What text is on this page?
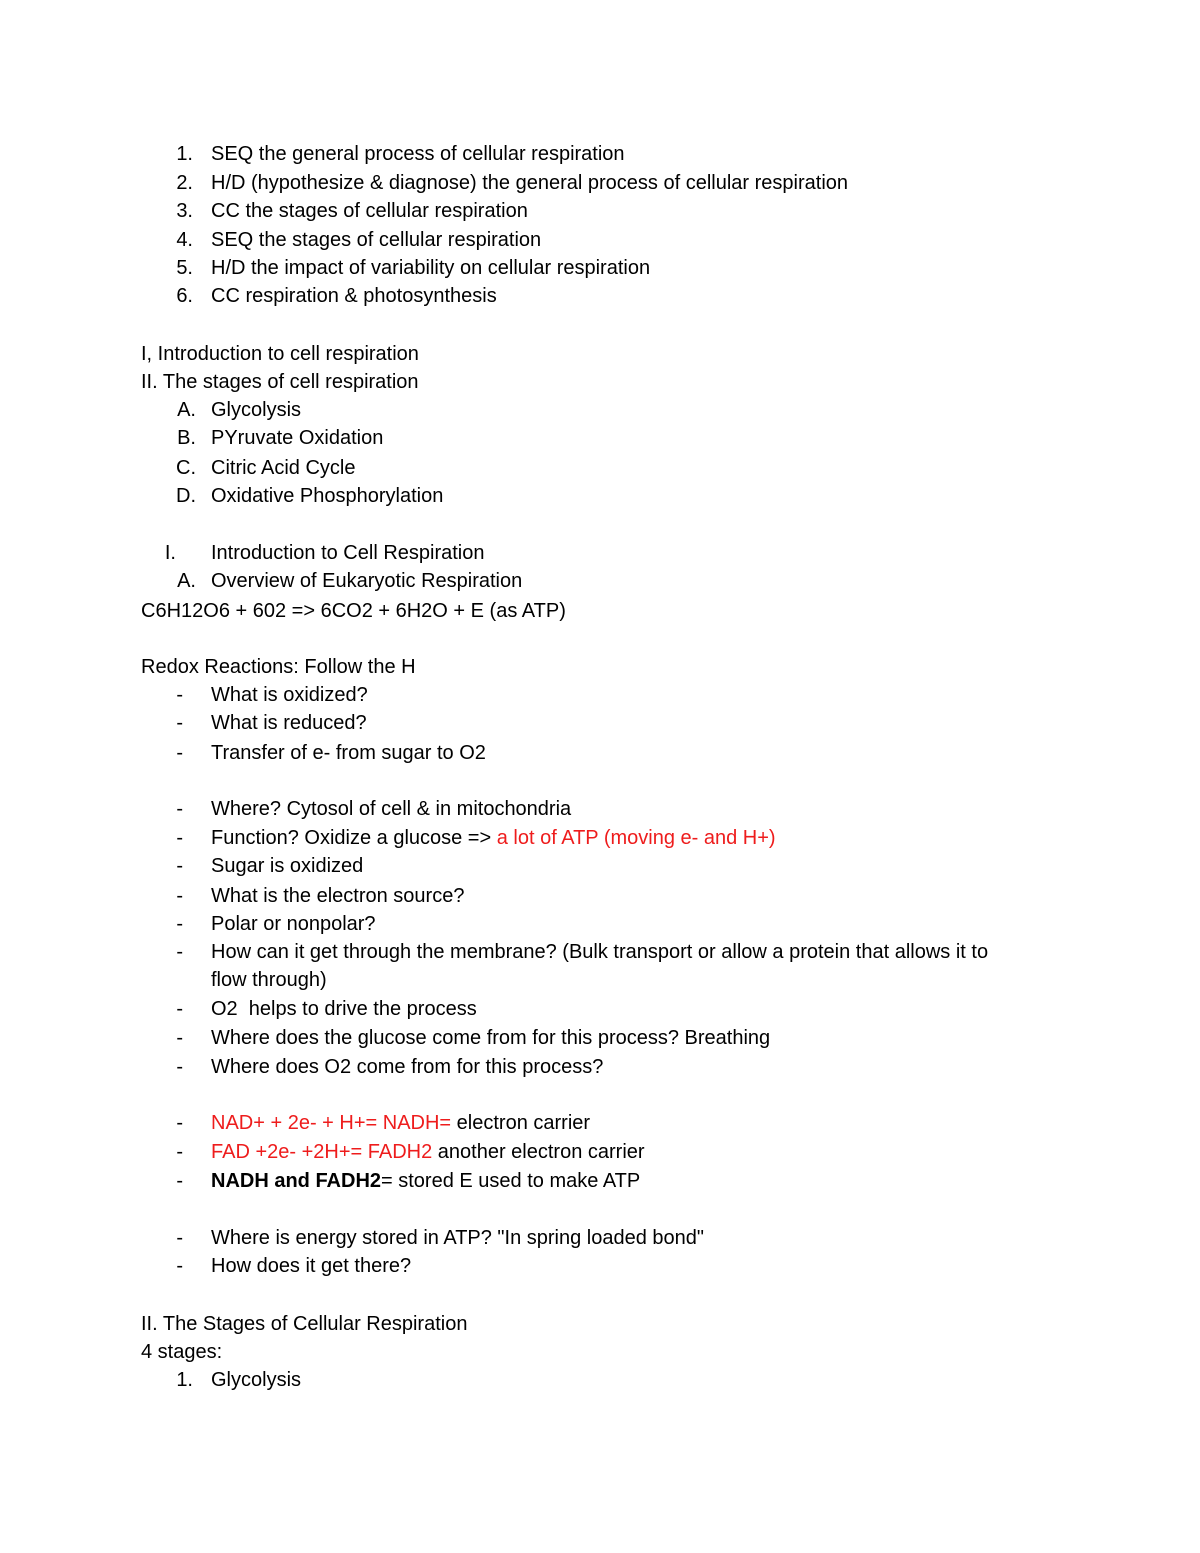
1. SEQ the general process of cellular respiration
2. H/D (hypothesize & diagnose) the general process of cellular respiration
3. CC the stages of cellular respiration
4. SEQ the stages of cellular respiration
5. H/D the impact of variability on cellular respiration
6. CC respiration & photosynthesis
I, Introduction to cell respiration
II. The stages of cell respiration
A. Glycolysis
B. PYruvate Oxidation
C. Citric Acid Cycle
D. Oxidative Phosphorylation
I. Introduction to Cell Respiration
A. Overview of Eukaryotic Respiration
C6H12O6 + 602 => 6CO2 + 6H2O + E (as ATP)
Redox Reactions: Follow the H
- What is oxidized?
- What is reduced?
- Transfer of e- from sugar to O2
- Where? Cytosol of cell & in mitochondria
- Function? Oxidize a glucose => a lot of ATP (moving e- and H+)
- Sugar is oxidized
- What is the electron source?
- Polar or nonpolar?
- How can it get through the membrane? (Bulk transport or allow a protein that allows it to
flow through)
- O2  helps to drive the process
- Where does the glucose come from for this process? Breathing
- Where does O2 come from for this process?
- NAD+ + 2e- + H+= NADH= electron carrier
- FAD +2e- +2H+= FADH2 another electron carrier
- NADH and FADH2= stored E used to make ATP
- Where is energy stored in ATP? "In spring loaded bond"
- How does it get there?
II. The Stages of Cellular Respiration
4 stages:
1. Glycolysis
